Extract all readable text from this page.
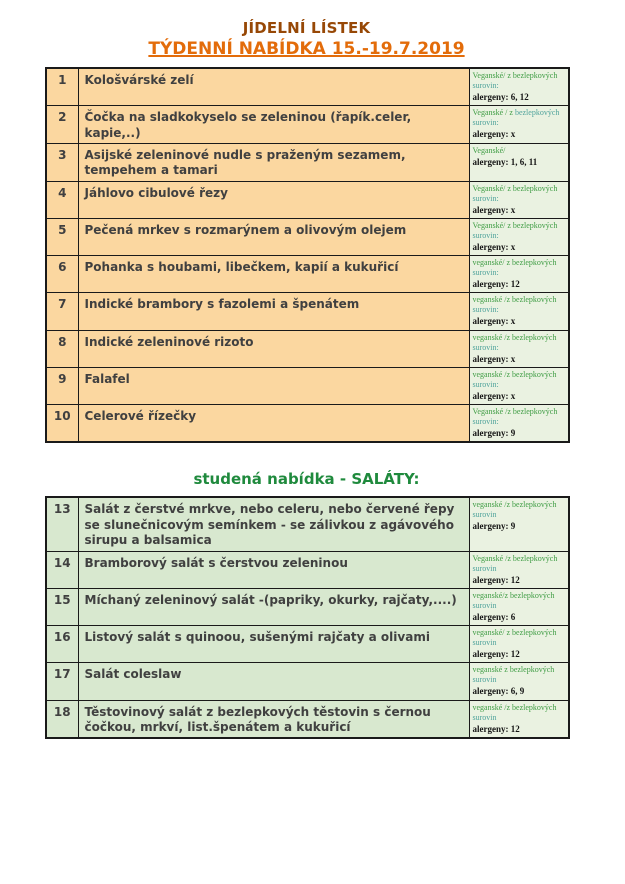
JÍDELNÍ LÍSTEK
TÝDENNÍ NABÍDKA 15.-19.7.2019
1	Kološvárské zelí	Veganské/ z bezlepkových surovin:
alergeny: 6, 12

2	Čočka na sladkokyselo se zeleninou (řapík.celer, kapie,..)	Veganské / z bezlepkových surovin:
alergeny: x

3	Asijské zeleninové nudle s praženým sezamem, tempehem a tamari	Veganské/
alergeny: 1, 6, 11

4	Jáhlovo cibulové řezy	Veganské/ z bezlepkových surovin:
alergeny: x

5	Pečená mrkev s rozmarýnem a olivovým olejem	Veganské/ z bezlepkových surovin:
alergeny: x

6	Pohanka s houbami, libečkem, kapií a kukuřicí	veganské/ z bezlepkových surovin:
alergeny: 12

7	Indické brambory s fazolemi a špenátem	veganské /z bezlepkových surovin:
alergeny: x

8	Indické zeleninové rizoto	veganské /z bezlepkových surovin:
alergeny: x

9	Falafel	veganské /z bezlepkových surovin:
alergeny: x

10	Celerové řízečky	Veganské /z bezlepkových surovin:
alergeny: 9
studená nabídka - SALÁTY:
13	Salát z čerstvé mrkve, nebo celeru, nebo červené řepy se slunečnicovým semínkem - se zálivkou z agávového sirupu a balsamica	veganské /z bezlepkových surovin
alergeny: 9

14	Bramborový salát s čerstvou zeleninou	Veganské /z bezlepkových surovin
alergeny: 12

15	Míchaný zeleninový salát -(papriky, okurky, rajčaty,....)	veganské/z bezlepkových surovin
alergeny: 6

16	Listový salát s quinoou, sušenými rajčaty a olivami	veganské/ z bezlepkových surovin
alergeny: 12

17	Salát coleslaw	veganské z bezlepkových surovin
alergeny: 6, 9

18	Těstovinový salát z bezlepkových těstovin s černou čočkou, mrkví, list.špenátem a kukuřicí	veganské /z bezlepkových surovin
alergeny: 12
